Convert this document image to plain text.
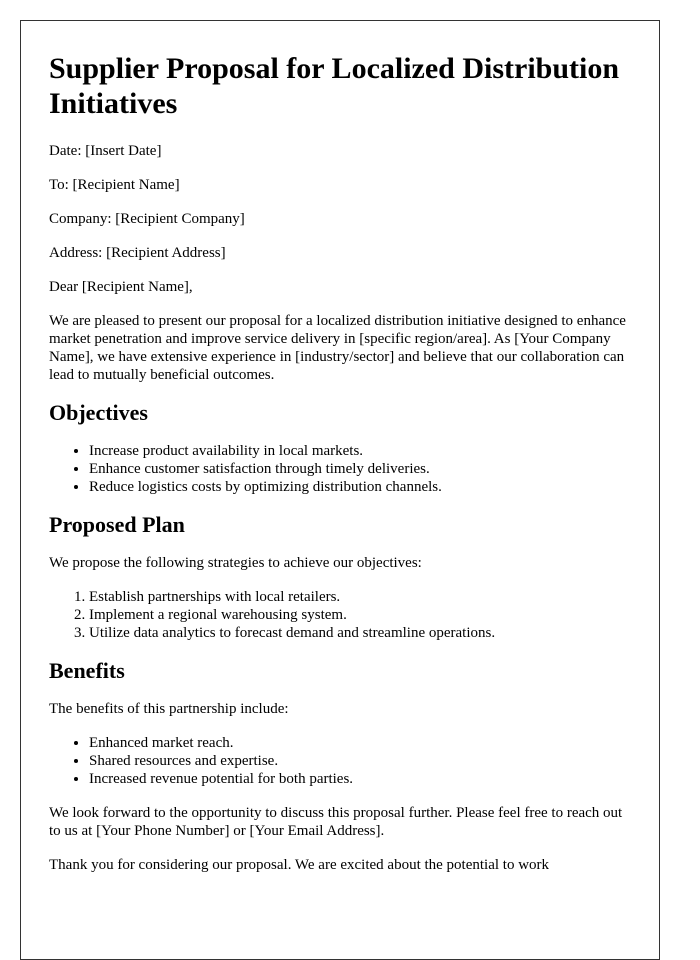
Supplier Proposal for Localized Distribution Initiatives

Date: [Insert Date]

To: [Recipient Name]

Company: [Recipient Company]

Address: [Recipient Address]

Dear [Recipient Name],

We are pleased to present our proposal for a localized distribution initiative designed to enhance market penetration and improve service delivery in [specific region/area]. As [Your Company Name], we have extensive experience in [industry/sector] and believe that our collaboration can lead to mutually beneficial outcomes.

Objectives
• Increase product availability in local markets.
• Enhance customer satisfaction through timely deliveries.
• Reduce logistics costs by optimizing distribution channels.
Proposed Plan

We propose the following strategies to achieve our objectives:

1. Establish partnerships with local retailers.
2. Implement a regional warehousing system.
3. Utilize data analytics to forecast demand and streamline operations.
Benefits

The benefits of this partnership include:

• Enhanced market reach.
• Shared resources and expertise.
• Increased revenue potential for both parties.

We look forward to the opportunity to discuss this proposal further. Please feel free to reach out to us at [Your Phone Number] or [Your Email Address].

Thank you for considering our proposal. We are excited about the potential to work
